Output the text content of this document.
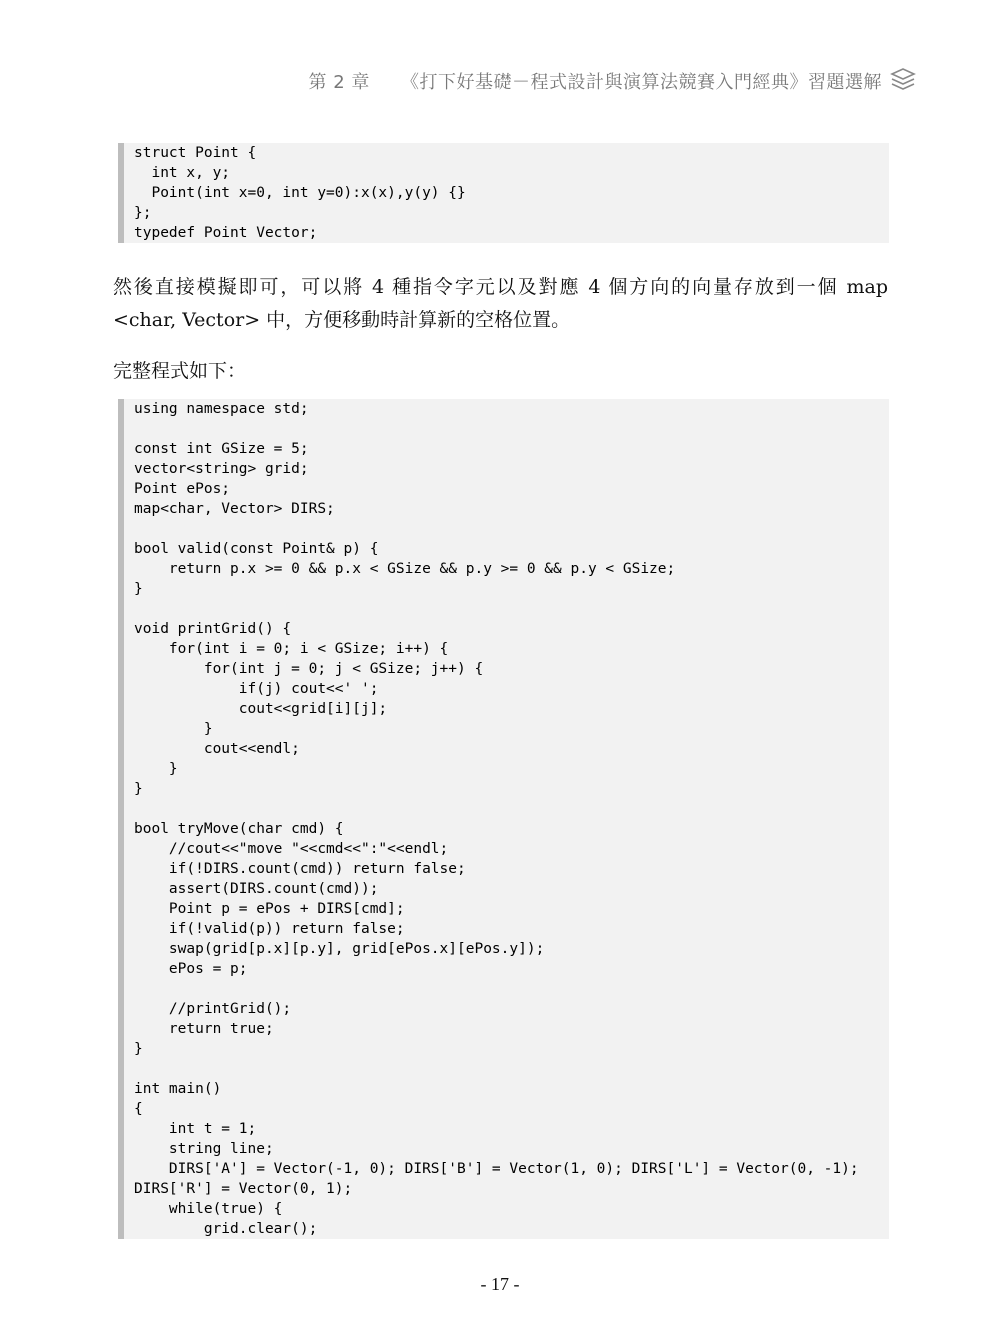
第 2 章 《打下好基礎－程式設計與演算法競賽入門經典》習題選解
struct Point {
int x, y;
Point(int x=0, int y=0):x(x),y(y) {}
};
typedef Point Vector;
然後直接模擬即可，可以將 4 種指令字元以及對應 4 個方向的向量存放到一個 map
<char, Vector> 中，方便移動時計算新的空格位置。
完整程式如下：
using namespace std;
const int GSize = 5;
vector<string> grid;
Point ePos;
map<char, Vector> DIRS;
bool valid(const Point& p) {
return p.x >= 0 && p.x < GSize && p.y >= 0 && p.y < GSize;
}
void printGrid() {
for(int i = 0; i < GSize; i++) {
for(int j = 0; j < GSize; j++) {
if(j) cout<<' ';
cout<<grid[i][j];
}
cout<<endl;
}
}
bool tryMove(char cmd) {
//cout<<"move "<<cmd<<":"<<endl;
if(!DIRS.count(cmd)) return false;
assert(DIRS.count(cmd));
Point p = ePos + DIRS[cmd];
if(!valid(p)) return false;
swap(grid[p.x][p.y], grid[ePos.x][ePos.y]);
ePos = p;
//printGrid();
return true;
}
int main()
{
int t = 1;
string line;
DIRS['A'] = Vector(-1, 0); DIRS['B'] = Vector(1, 0); DIRS['L'] = Vector(0, -1);
DIRS['R'] = Vector(0, 1);
while(true) {
grid.clear();
- 17 -
